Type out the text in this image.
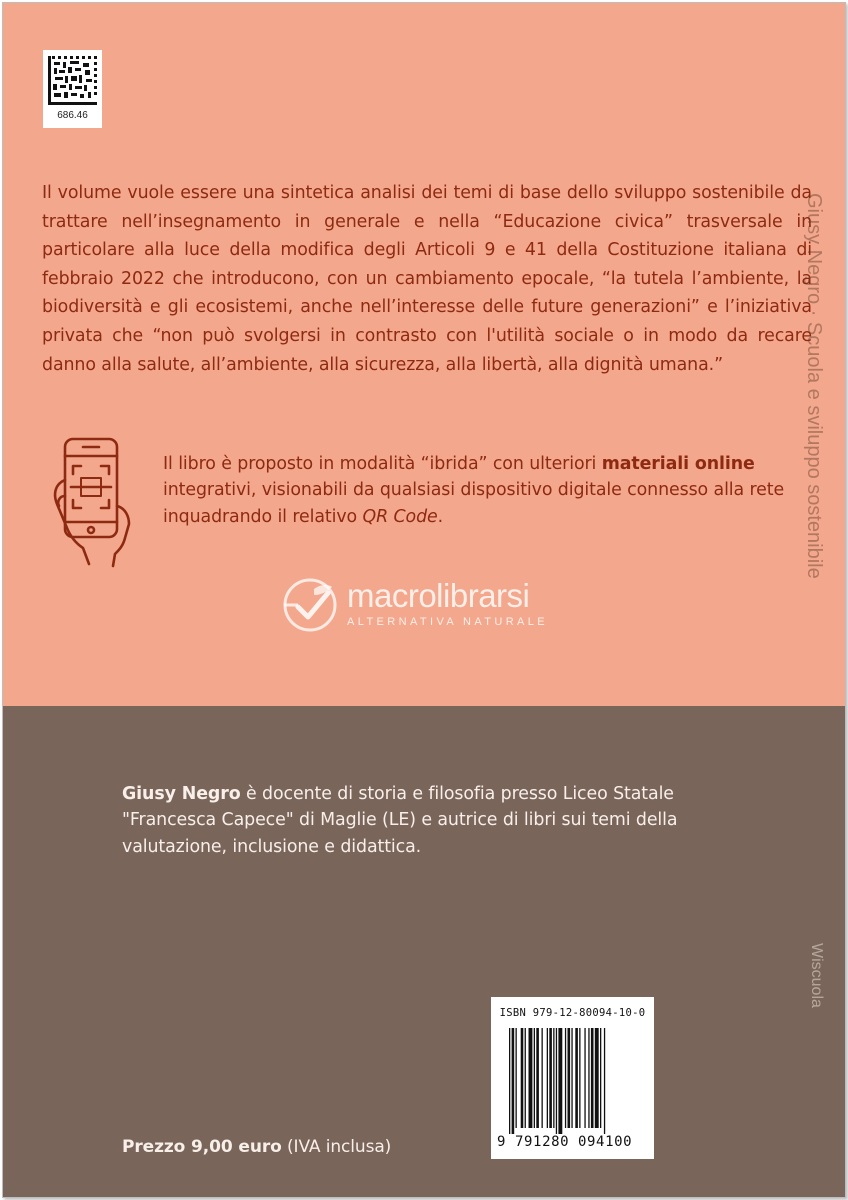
686.46

Il volume vuole essere una sintetica analisi dei temi di base dello sviluppo sostenibile da trattare nell’insegnamento in generale e nella “Educazione civica” trasversale in particolare alla luce della modifica degli Articoli 9 e 41 della Costituzione italiana di febbraio 2022 che introducono, con un cambiamento epocale, “la tutela l’ambiente, la biodiversità e gli ecosistemi, anche nell’interesse delle future generazioni” e l’iniziativa privata che “non può svolgersi in contrasto con l'utilità sociale o in modo da recare danno alla salute, all’ambiente, alla sicurezza, alla libertà, alla dignità umana.”

Il libro è proposto in modalità “ibrida” con ulteriori materiali online integrativi, visionabili da qualsiasi dispositivo digitale connesso alla rete inquadrando il relativo QR Code.
macrolibrarsi
ALTERNATIVA NATURALE
Giusy Negro · Scuola e sviluppo sostenibile
Wiscuola
Giusy Negro è docente di storia e filosofia presso Liceo Statale "Francesca Capece" di Maglie (LE) e autrice di libri sui temi della valutazione, inclusione e didattica.
Prezzo 9,00 euro (IVA inclusa)
ISBN 979-12-80094-10-0
9 791280 094100
